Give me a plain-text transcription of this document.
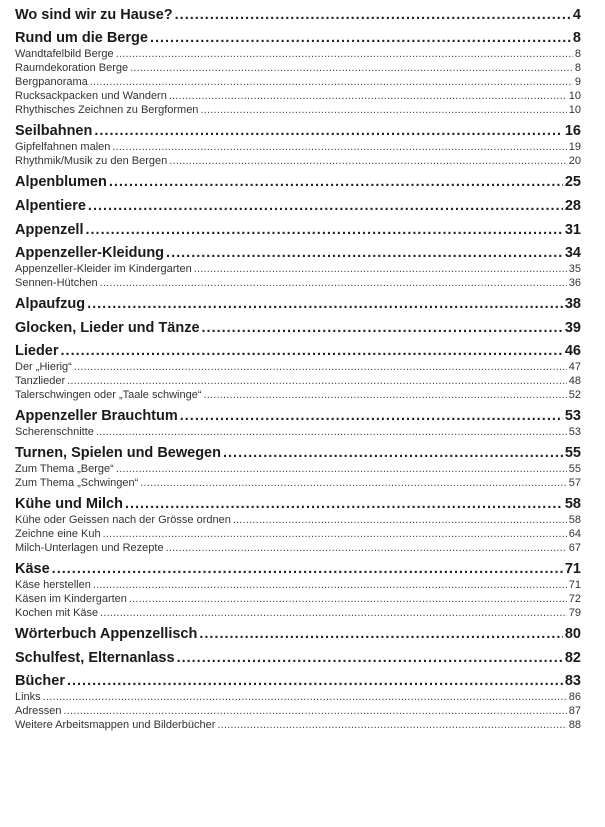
Wo sind wir zu Hause? .....	4
Rund um die Berge .....	8
Wandtafelbild Berge .....	8
Raumdekoration Berge .....	8
Bergpanorama .....	9
Rucksackpacken und Wandern .....	10
Rhythisches Zeichnen zu Bergformen .....	10
Seilbahnen .....	16
Gipfelfahnen malen .....	19
Rhythmik/Musik zu den Bergen .....	20
Alpenblumen .....	25
Alpentiere .....	28
Appenzell .....	31
Appenzeller-Kleidung .....	34
Appenzeller-Kleider im Kindergarten .....	35
Sennen-Hütchen .....	36
Alpaufzug .....	38
Glocken, Lieder und Tänze .....	39
Lieder .....	46
Der „Hierig“ .....	47
Tanzlieder .....	48
Talerschwingen oder „Taale schwinge“ .....	52
Appenzeller Brauchtum .....	53
Scherenschnitte .....	53
Turnen, Spielen und Bewegen .....	55
Zum Thema „Berge“ .....	55
Zum Thema „Schwingen“ .....	57
Kühe und Milch .....	58
Kühe oder Geissen nach der Grösse ordnen .....	58
Zeichne eine Kuh .....	64
Milch-Unterlagen und Rezepte .....	67
Käse .....	71
Käse herstellen .....	71
Käsen im Kindergarten .....	72
Kochen mit Käse .....	79
Wörterbuch Appenzellisch .....	80
Schulfest, Elternanlass .....	82
Bücher .....	83
Links .....	86
Adressen .....	87
Weitere Arbeitsmappen und Bilderbücher .....	88
